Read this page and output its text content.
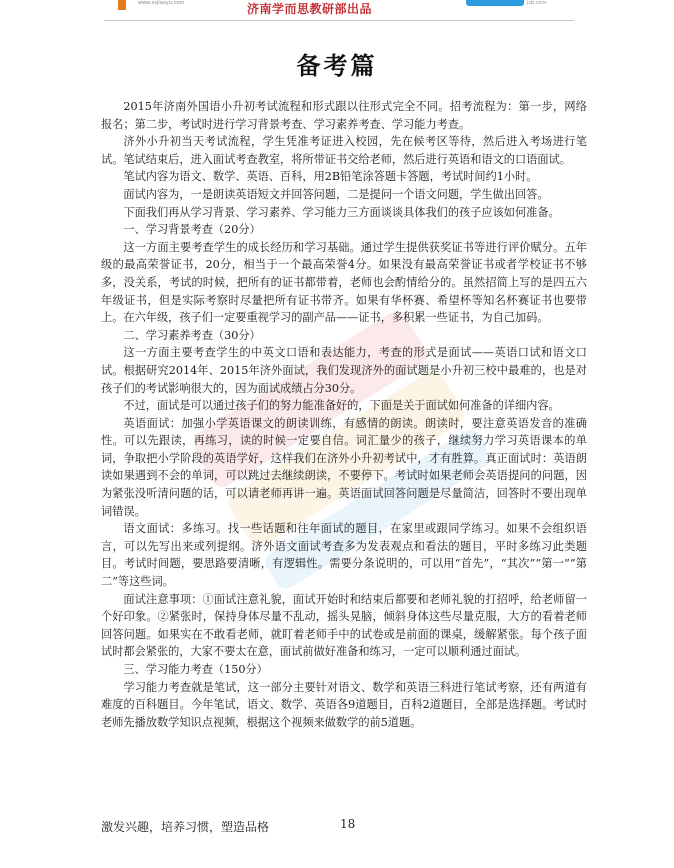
www.xsjiaoyu.com	济南学而思教研部出品	jzb.com
备考篇

2015年济南外国语小升初考试流程和形式跟以往形式完全不同。招考流程为：第一步，网络报名；第二步，考试时进行学习背景考查、学习素养考查、学习能力考查。

济外小升初当天考试流程，学生凭准考证进入校园，先在候考区等待，然后进入考场进行笔试。笔试结束后，进入面试考查教室，将所带证书交给老师，然后进行英语和语文的口语面试。

笔试内容为语文、数学、英语、百科，用2B铅笔涂答题卡答题，考试时间约1小时。

面试内容为，一是朗读英语短文并回答问题，二是提问一个语文问题，学生做出回答。

下面我们再从学习背景、学习素养、学习能力三方面谈谈具体我们的孩子应该如何准备。

一、学习背景考查（20分）

这一方面主要考查学生的成长经历和学习基础。通过学生提供获奖证书等进行评价赋分。五年级的最高荣誉证书，20分，相当于一个最高荣誉4分。如果没有最高荣誉证书或者学校证书不够多，没关系，考试的时候，把所有的证书都带着，老师也会酌情给分的。虽然招简上写的是四五六年级证书，但是实际考察时尽量把所有证书带齐。如果有华杯赛、希望杯等知名杯赛证书也要带上。在六年级，孩子们一定要重视学习的副产品——证书，多积累一些证书，为自己加码。

二、学习素养考查（30分）

这一方面主要考查学生的中英文口语和表达能力，考查的形式是面试——英语口试和语文口试。根据研究2014年、2015年济外面试，我们发现济外的面试题是小升初三校中最难的，也是对孩子们的考试影响很大的，因为面试成绩占分30分。

不过，面试是可以通过孩子们的努力能准备好的，下面是关于面试如何准备的详细内容。

英语面试：加强小学英语课文的朗读训练，有感情的朗读。朗读时，要注意英语发音的准确性。可以先跟读，再练习，读的时候一定要自信。词汇量少的孩子，继续努力学习英语课本的单词，争取把小学阶段的英语学好，这样我们在济外小升初考试中，才有胜算。真正面试时：英语朗读如果遇到不会的单词，可以跳过去继续朗读，不要停下。考试时如果老师会英语提问的问题，因为紧张没听清问题的话，可以请老师再讲一遍。英语面试回答问题是尽量简洁，回答时不要出现单词错误。

语文面试：多练习。找一些话题和往年面试的题目，在家里或跟同学练习。如果不会组织语言，可以先写出来或列提纲。济外语文面试考查多为发表观点和看法的题目，平时多练习此类题目。考试时间题，要思路要清晰，有逻辑性。需要分条说明的，可以用“首先”，“其次”“第一”“第二”等这些词。

面试注意事项：①面试注意礼貌，面试开始时和结束后都要和老师礼貌的打招呼，给老师留一个好印象。②紧张时，保持身体尽量不乱动，摇头晃脑，倾斜身体这些尽量克服，大方的看着老师回答问题。如果实在不敢看老师，就盯着老师手中的试卷或是前面的课桌，缓解紧张。每个孩子面试时都会紧张的，大家不要太在意，面试前做好准备和练习，一定可以顺利通过面试。

三、学习能力考查（150分）

学习能力考查就是笔试，这一部分主要针对语文、数学和英语三科进行笔试考察，还有两道有难度的百科题目。今年笔试，语文、数学、英语各9道题目，百科2道题目，全部是选择题。考试时老师先播放数学知识点视频，根据这个视频来做数学的前5道题。

激发兴趣，培养习惯，塑造品格	18
